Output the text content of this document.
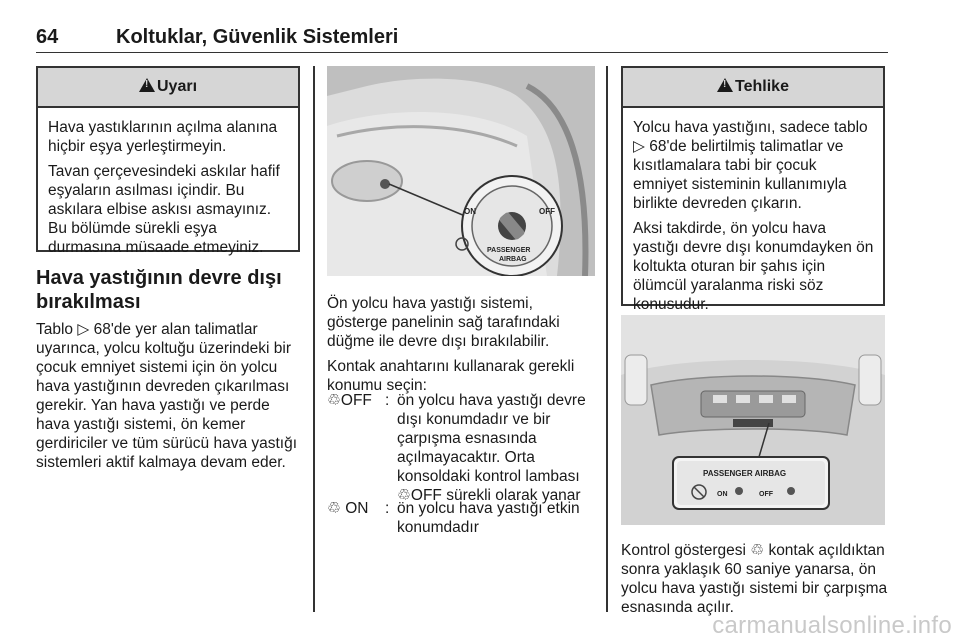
64	Koltuklar, Güvenlik Sistemleri
!Uyarı

Hava yastıklarının açılma alanına hiçbir eşya yerleştirmeyin.

Tavan çerçevesindeki askılar hafif eşyaların asılması içindir. Bu askılara elbise askısı asmayınız. Bu bölümde sürekli eşya durmasına müsaade etmeyiniz.

Hava yastığının devre dışı bırakılması

Tablo ▷ 68'de yer alan talimatlar uyarınca, yolcu koltuğu üzerindeki bir çocuk emniyet sistemi için ön yolcu hava yastığının devreden çıkarılması gerekir. Yan hava yastığı ve perde hava yastığı sistemi, ön kemer gerdiriciler ve tüm sürücü hava yastığı sistemleri aktif kalmaya devam eder.

ON	OFF
PASSENGER
AIRBAG

Ön yolcu hava yastığı sistemi, gösterge panelinin sağ tarafındaki düğme ile devre dışı bırakılabilir.

Kontak anahtarını kullanarak gerekli konumu seçin:

♲OFF : ön yolcu hava yastığı devre dışı konumdadır ve bir çarpışma esnasında açılmayacaktır. Orta konsoldaki kontrol lambası ♲OFF sürekli olarak yanar
♲ ON	: ön yolcu hava yastığı etkin konumdadır
!Tehlike

Yolcu hava yastığını, sadece tablo ▷ 68'de belirtilmiş talimatlar ve kısıtlamalara tabi bir çocuk emniyet sisteminin kullanımıyla birlikte devreden çıkarın.

Aksi takdirde, ön yolcu hava yastığı devre dışı konumdayken ön koltukta oturan bir şahıs için ölümcül yaralanma riski söz konusudur.

PASSENGER AIRBAG
ON	OFF

Kontrol göstergesi ♲ kontak açıldıktan sonra yaklaşık 60 saniye yanarsa, ön yolcu hava yastığı sistemi bir çarpışma esnasında açılır.

carmanualsonline.info
